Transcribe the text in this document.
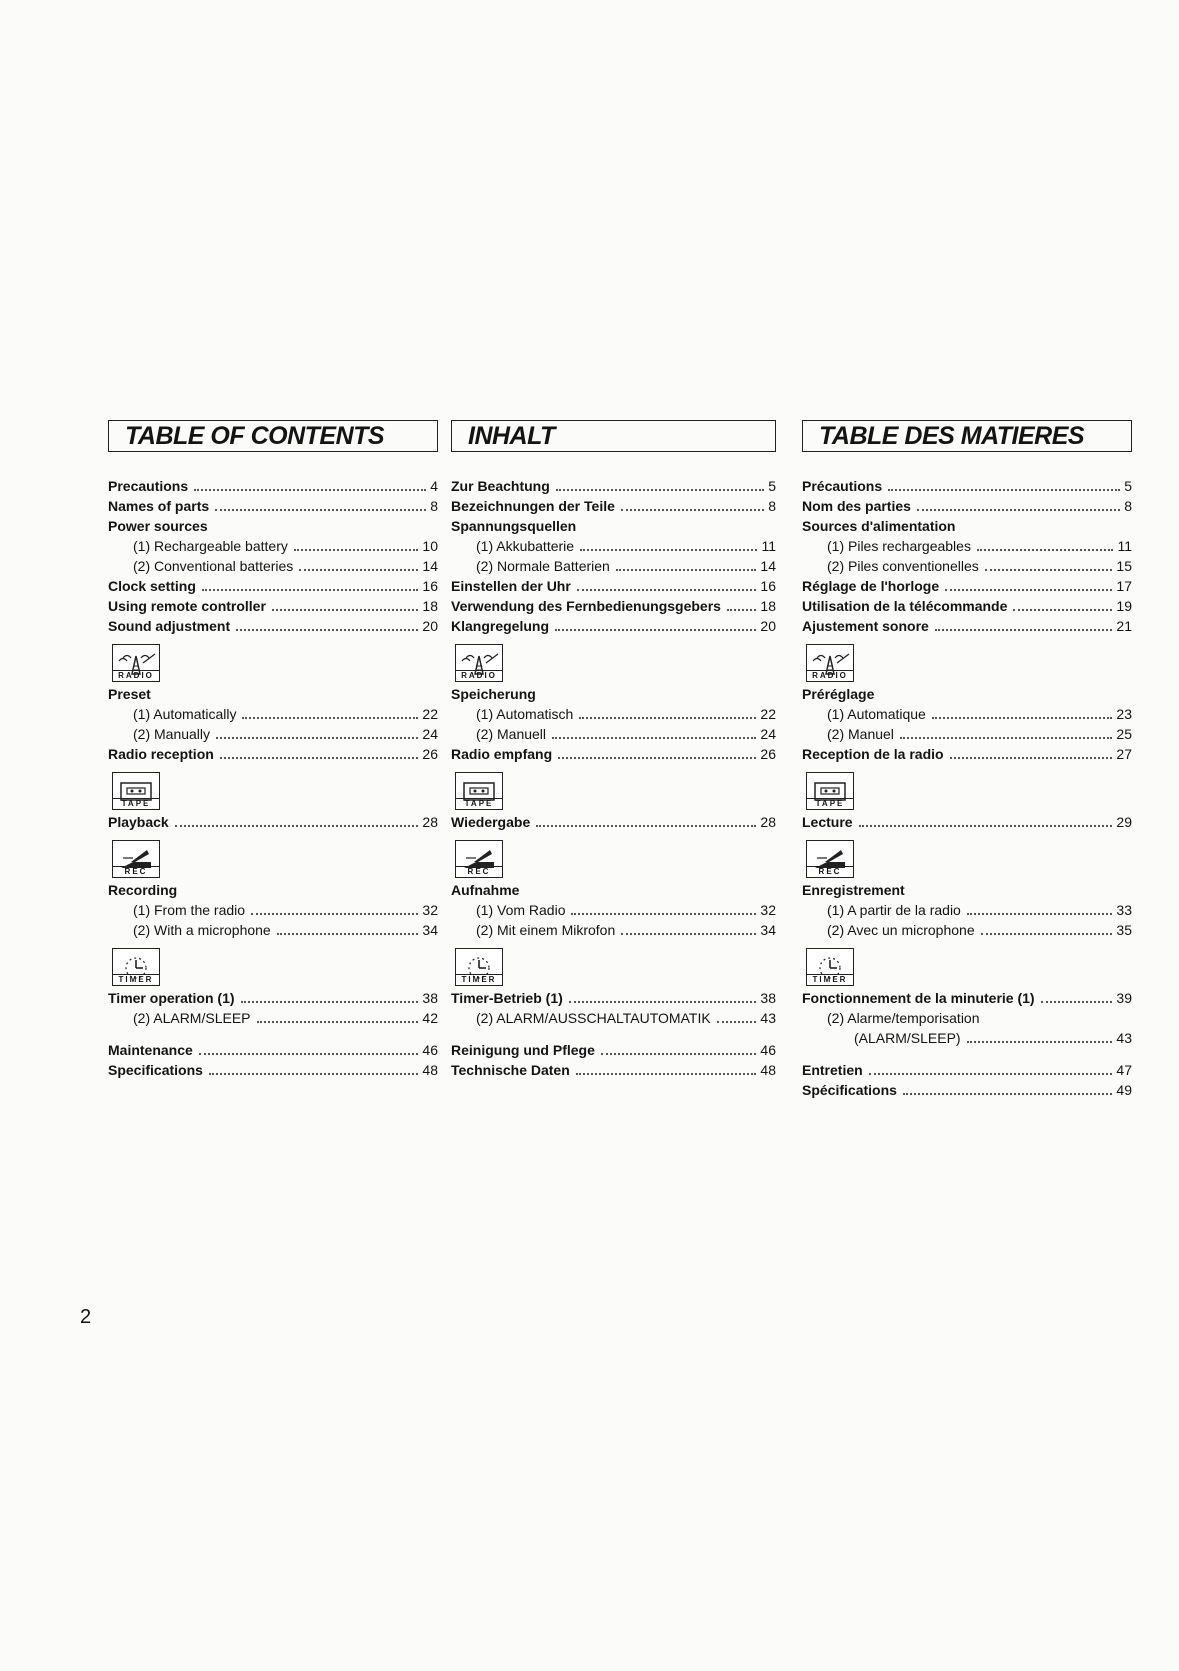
TABLE OF CONTENTS
Precautions	4
Names of parts	8
Power sources
(1) Rechargeable battery	10
(2) Conventional batteries	14
Clock setting	16
Using remote controller	18
Sound adjustment	20
RADIO
Preset
(1) Automatically	22
(2) Manually	24
Radio reception	26
TAPE
Playback	28
REC
Recording
(1) From the radio	32
(2) With a microphone	34
TIMER
Timer operation (1)	38
(2) ALARM/SLEEP	42
Maintenance	46
Specifications	48
INHALT
Zur Beachtung	5
Bezeichnungen der Teile	8
Spannungsquellen
(1) Akkubatterie	11
(2) Normale Batterien	14
Einstellen der Uhr	16
Verwendung des Fernbedienungsgebers	18
Klangregelung	20
RADIO
Speicherung
(1) Automatisch	22
(2) Manuell	24
Radio empfang	26
TAPE
Wiedergabe	28
REC
Aufnahme
(1) Vom Radio	32
(2) Mit einem Mikrofon	34
TIMER
Timer-Betrieb (1)	38
(2) ALARM/AUSSCHALTAUTOMATIK	43
Reinigung und Pflege	46
Technische Daten	48
TABLE DES MATIERES
Précautions	5
Nom des parties	8
Sources d'alimentation
(1) Piles rechargeables	11
(2) Piles conventionelles	15
Réglage de l'horloge	17
Utilisation de la télécommande	19
Ajustement sonore	21
RADIO
Préréglage
(1) Automatique	23
(2) Manuel	25
Reception de la radio	27
TAPE
Lecture	29
REC
Enregistrement
(1) A partir de la radio	33
(2) Avec un microphone	35
TIMER
Fonctionnement de la minuterie (1)	39
(2) Alarme/temporisation
(ALARM/SLEEP)	43
Entretien	47
Spécifications	49
2
